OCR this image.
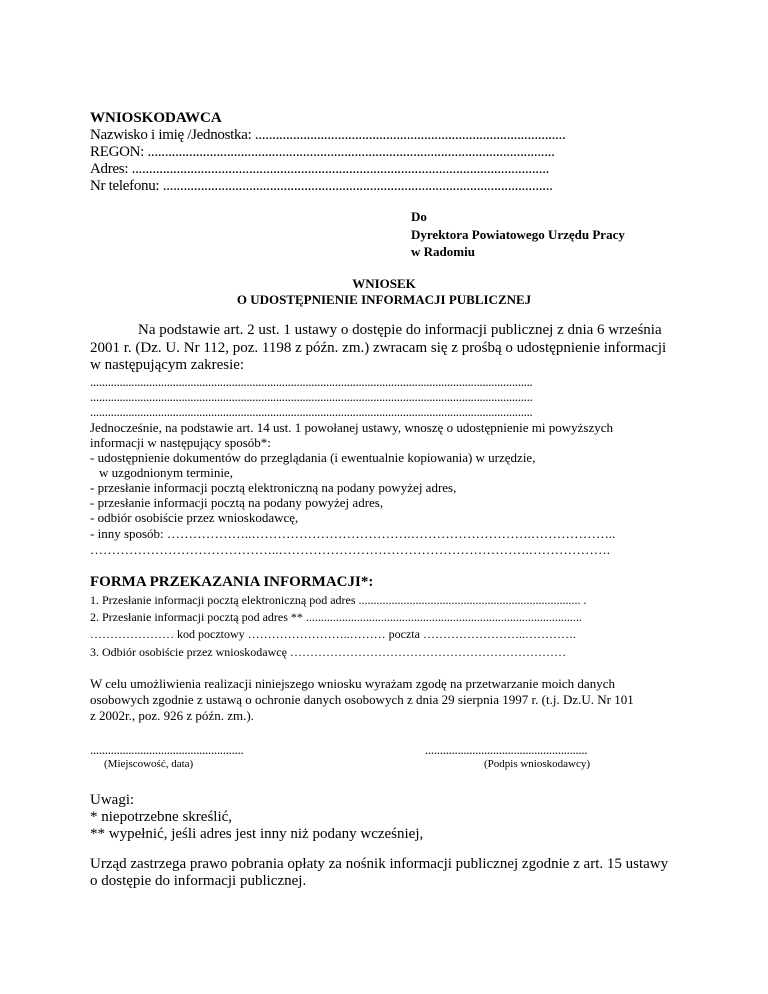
WNIOSKODAWCA
Nazwisko i imię /Jednostka: ..........................................................................................
REGON: ......................................................................................................................
Adres: .........................................................................................................................
Nr telefonu: .................................................................................................................
Do
Dyrektora Powiatowego Urzędu Pracy
w Radomiu
WNIOSEK
O UDOSTĘPNIENIE INFORMACJI PUBLICZNEJ
Na podstawie art. 2 ust. 1 ustawy o dostępie do informacji publicznej z dnia 6 września
2001 r. (Dz. U. Nr 112, poz. 1198 z późn. zm.) zwracam się z prośbą o udostępnienie informacji
w następującym zakresie:
......................................................................................................................................................
......................................................................................................................................................
......................................................................................................................................................
Jednocześnie, na podstawie art. 14 ust. 1 powołanej ustawy, wnoszę o udostępnienie mi powyższych
informacji w następujący sposób*:
- udostępnienie dokumentów do przeglądania (i ewentualnie kopiowania) w urzędzie,
w uzgodnionym terminie,
- przesłanie informacji pocztą elektroniczną na podany powyżej adres,
- przesłanie informacji pocztą na podany powyżej adres,
- odbiór osobiście przez wnioskodawcę,
- inny sposób: ………………..……………………………….……………………….………………..
……………………………………..………………………………………………….……………….
FORMA PRZEKAZANIA INFORMACJI*:
1. Przesłanie informacji pocztą elektroniczną pod adres .......................................................................... .
2. Przesłanie informacji pocztą pod adres ** ............................................................................................
………………… kod pocztowy ……………………..……… poczta ……………………..………….
3. Odbiór osobiście przez wnioskodawcę ……………………………………………………………
W celu umożliwienia realizacji niniejszego wniosku wyrażam zgodę na przetwarzanie moich danych
osobowych zgodnie z ustawą o ochronie danych osobowych z dnia 29 sierpnia 1997 r. (t.j. Dz.U. Nr 101
z 2002r., poz. 926 z późn. zm.).
....................................................	.......................................................
(Miejscowość, data)	(Podpis wnioskodawcy)
Uwagi:
* niepotrzebne skreślić,
** wypełnić, jeśli adres jest inny niż podany wcześniej,
Urząd zastrzega prawo pobrania opłaty za nośnik informacji publicznej zgodnie z art. 15 ustawy
o dostępie do informacji publicznej.
